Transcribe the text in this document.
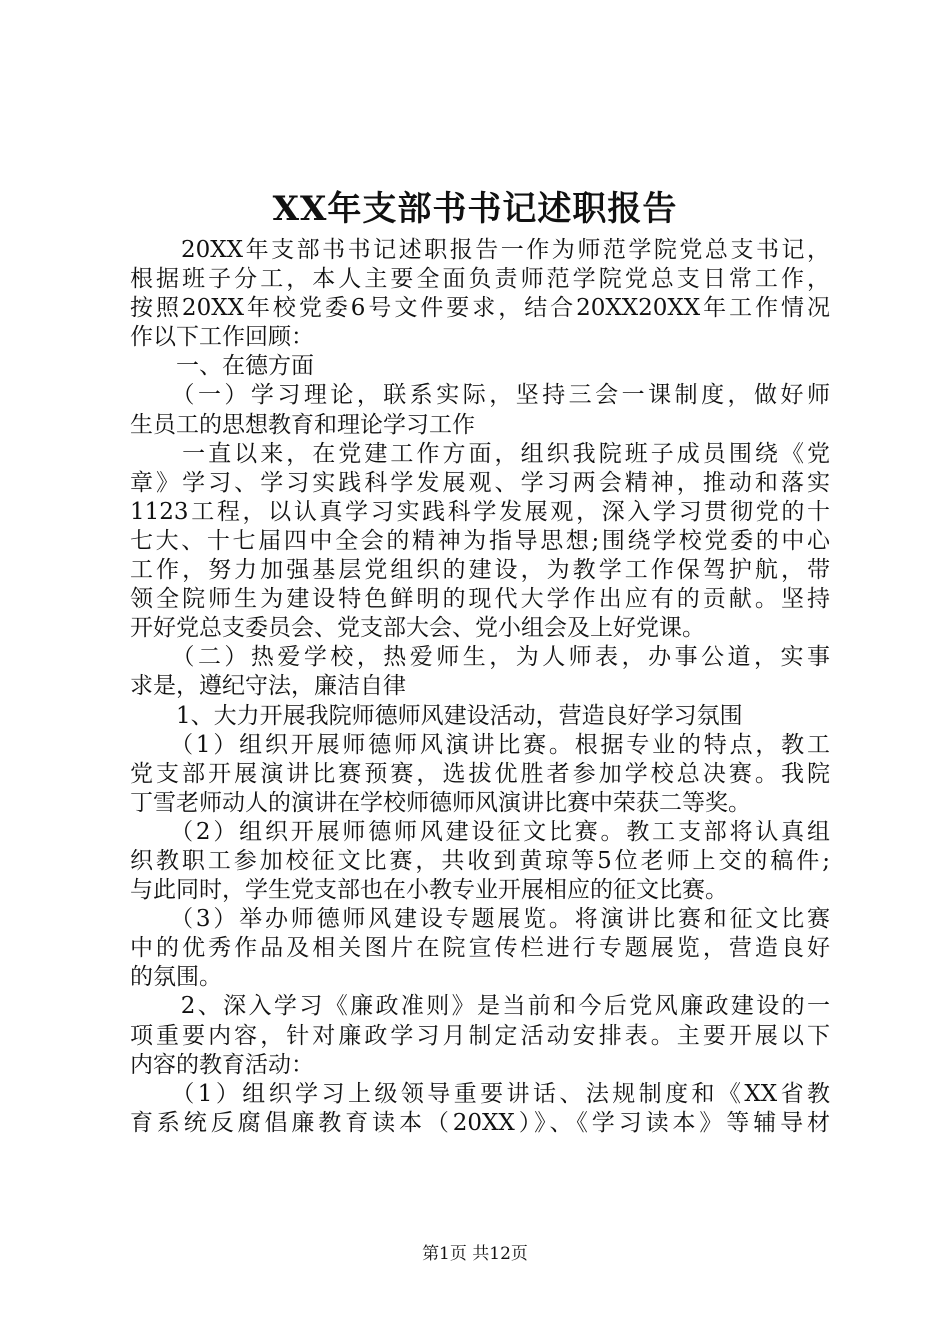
XX年支部书书记述职报告
　　20XX年支部书书记述职报告一作为师范学院党总支书记，
根据班子分工，本人主要全面负责师范学院党总支日常工作，
按照20XX年校党委6号文件要求，结合20XX20XX年工作情况
作以下工作回顾：
　　一、在德方面
　　（一）学习理论，联系实际，坚持三会一课制度，做好师
生员工的思想教育和理论学习工作
　　一直以来，在党建工作方面，组织我院班子成员围绕《党
章》学习、学习实践科学发展观、学习两会精神，推动和落实
1123工程，以认真学习实践科学发展观，深入学习贯彻党的十
七大、十七届四中全会的精神为指导思想;围绕学校党委的中心
工作，努力加强基层党组织的建设，为教学工作保驾护航，带
领全院师生为建设特色鲜明的现代大学作出应有的贡献。坚持
开好党总支委员会、党支部大会、党小组会及上好党课。
　　（二）热爱学校，热爱师生，为人师表，办事公道，实事
求是，遵纪守法，廉洁自律
　　1、大力开展我院师德师风建设活动，营造良好学习氛围
　　（1）组织开展师德师风演讲比赛。根据专业的特点，教工
党支部开展演讲比赛预赛，选拔优胜者参加学校总决赛。我院
丁雪老师动人的演讲在学校师德师风演讲比赛中荣获二等奖。
　　（2）组织开展师德师风建设征文比赛。教工支部将认真组
织教职工参加校征文比赛，共收到黄琼等5位老师上交的稿件;
与此同时，学生党支部也在小教专业开展相应的征文比赛。
　　（3）举办师德师风建设专题展览。将演讲比赛和征文比赛
中的优秀作品及相关图片在院宣传栏进行专题展览，营造良好
的氛围。
　　2、深入学习《廉政准则》是当前和今后党风廉政建设的一
项重要内容，针对廉政学习月制定活动安排表。主要开展以下
内容的教育活动：
　　（1）组织学习上级领导重要讲话、法规制度和《XX省教
育系统反腐倡廉教育读本（20XX）》、《学习读本》等辅导材
第1页 共12页
